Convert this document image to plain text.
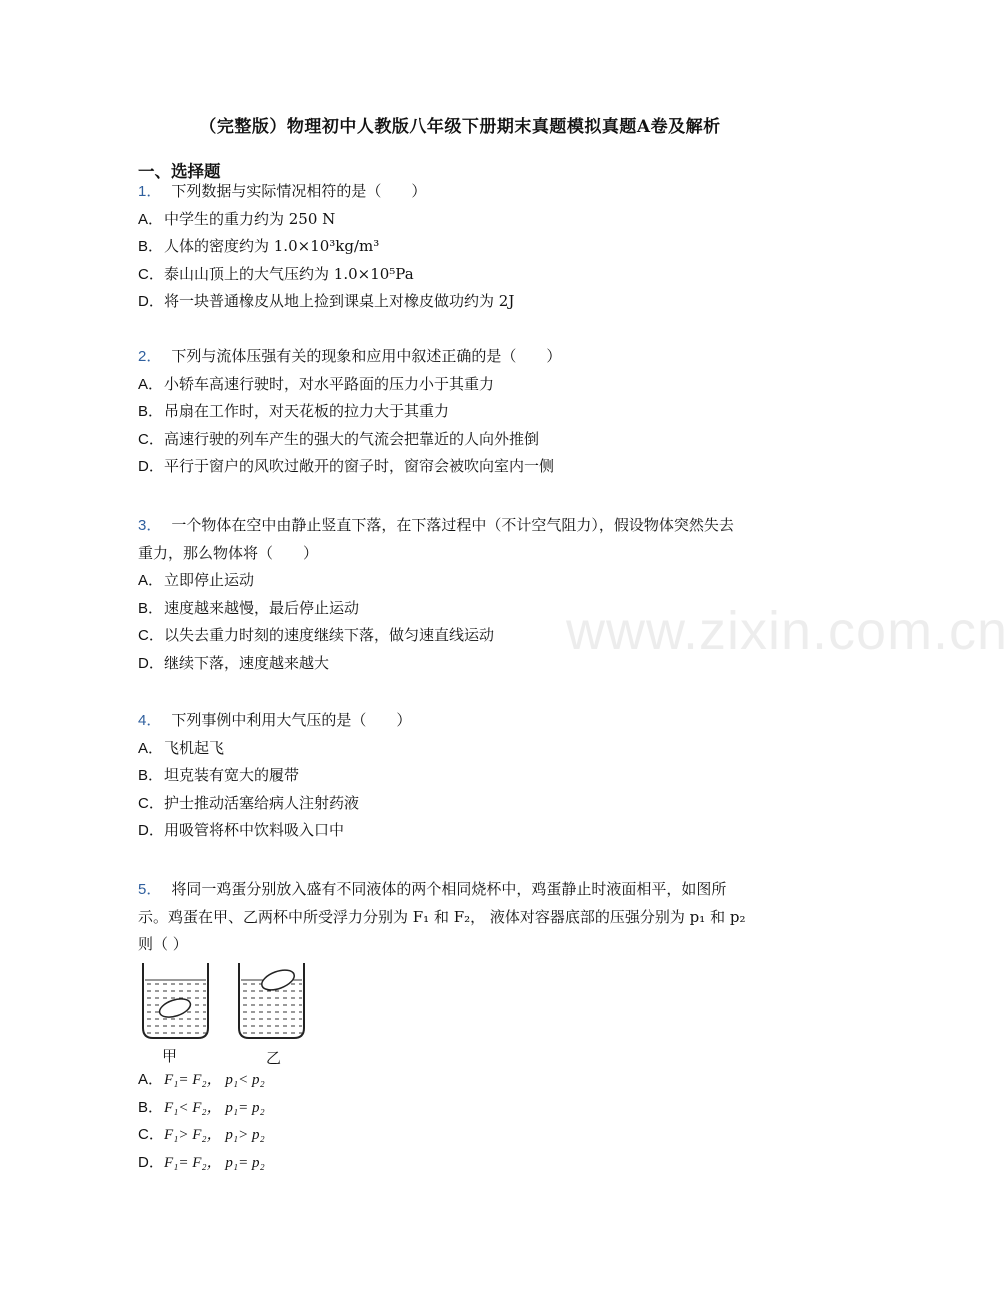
（完整版）物理初中人教版八年级下册期末真题模拟真题A卷及解析
www.zixin.com.cn
一、选择题
1． 下列数据与实际情况相符的是（　　）
A．中学生的重力约为 250 N
B．人体的密度约为 1.0×10³kg/m³
C．泰山山顶上的大气压约为 1.0×10⁵Pa
D．将一块普通橡皮从地上捡到课桌上对橡皮做功约为 2J
2． 下列与流体压强有关的现象和应用中叙述正确的是（　　）
A．小轿车高速行驶时，对水平路面的压力小于其重力
B．吊扇在工作时，对天花板的拉力大于其重力
C．高速行驶的列车产生的强大的气流会把靠近的人向外推倒
D．平行于窗户的风吹过敞开的窗子时，窗帘会被吹向室内一侧
3． 一个物体在空中由静止竖直下落，在下落过程中（不计空气阻力），假设物体突然失去
重力，那么物体将（　　）
A．立即停止运动
B．速度越来越慢，最后停止运动
C．以失去重力时刻的速度继续下落，做匀速直线运动
D．继续下落，速度越来越大
4． 下列事例中利用大气压的是（　　）
A．飞机起飞
B．坦克装有宽大的履带
C．护士推动活塞给病人注射药液
D．用吸管将杯中饮料吸入口中
5． 将同一鸡蛋分别放入盛有不同液体的两个相同烧杯中，鸡蛋静止时液面相平，如图所
示。鸡蛋在甲、乙两杯中所受浮力分别为 F₁ 和 F₂， 液体对容器底部的压强分别为 p₁ 和 p₂
则（ ）
甲	乙
A．F₁= F₂， p₁< p₂
B．F₁< F₂， p₁= p₂
C．F₁> F₂， p₁> p₂
D．F₁= F₂， p₁= p₂
